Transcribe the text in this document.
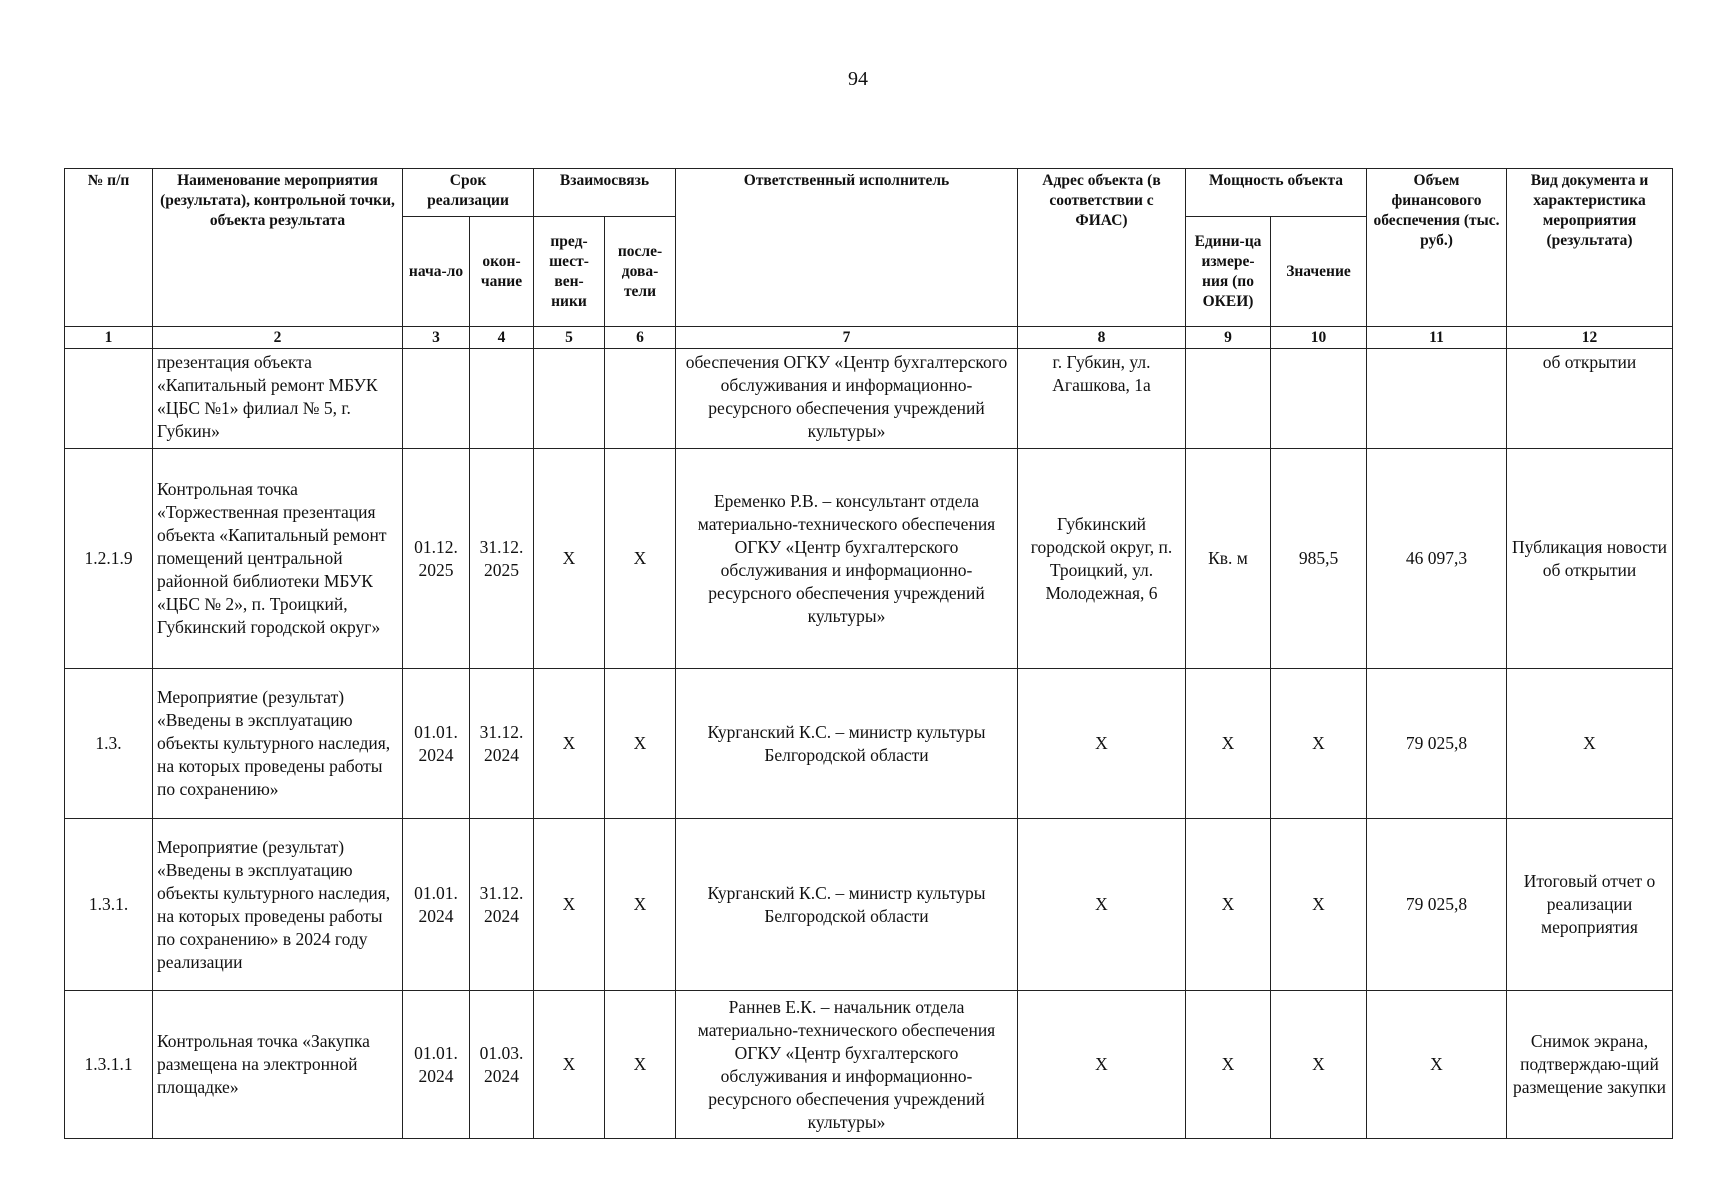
94
№ п/п	Наименование мероприятия (результата), контрольной точки, объекта результата	Срок реализации		Взаимосвязь		Ответственный исполнитель	Адрес объекта (в соответствии с ФИАС)	Мощность объекта		Объем финансового обеспечения (тыс. руб.)	Вид документа и характеристика мероприятия (результата)
		нача-ло	окон-чание	пред-шест-вен-ники	после-дова-тели			Едини-ца измере-ния (по ОКЕИ)	Значение		
1	2	3	4	5	6	7	8	9	10	11	12
	презентация объекта «Капитальный ремонт МБУК «ЦБС №1» филиал № 5, г. Губкин»					обеспечения ОГКУ «Центр бухгалтерского обслуживания и информационно-ресурсного обеспечения учреждений культуры»	г. Губкин, ул. Агашкова, 1а				об открытии
1.2.1.9	Контрольная точка «Торжественная презентация объекта «Капитальный ремонт помещений центральной районной библиотеки МБУК «ЦБС № 2», п. Троицкий, Губкинский городской округ»	01.12. 2025	31.12. 2025	X	X	Еременко Р.В. – консультант отдела материально-технического обеспечения ОГКУ «Центр бухгалтерского обслуживания и информационно-ресурсного обеспечения учреждений культуры»	Губкинский городской округ, п. Троицкий, ул. Молодежная, 6	Кв. м	985,5	46 097,3	Публикация новости об открытии
1.3.	Мероприятие (результат) «Введены в эксплуатацию объекты культурного наследия, на которых проведены работы по сохранению»	01.01. 2024	31.12. 2024	X	X	Курганский К.С. – министр культуры Белгородской области	X	X	X	79 025,8	X
1.3.1.	Мероприятие (результат) «Введены в эксплуатацию объекты культурного наследия, на которых проведены работы по сохранению» в 2024 году реализации	01.01. 2024	31.12. 2024	X	X	Курганский К.С. – министр культуры Белгородской области	X	X	X	79 025,8	Итоговый отчет о реализации мероприятия
1.3.1.1	Контрольная точка «Закупка размещена на электронной площадке»	01.01. 2024	01.03. 2024	X	X	Раннев Е.К. – начальник отдела материально-технического обеспечения ОГКУ «Центр бухгалтерского обслуживания и информационно-ресурсного обеспечения учреждений культуры»	X	X	X	X	Снимок экрана, подтверждаю-щий размещение закупки
